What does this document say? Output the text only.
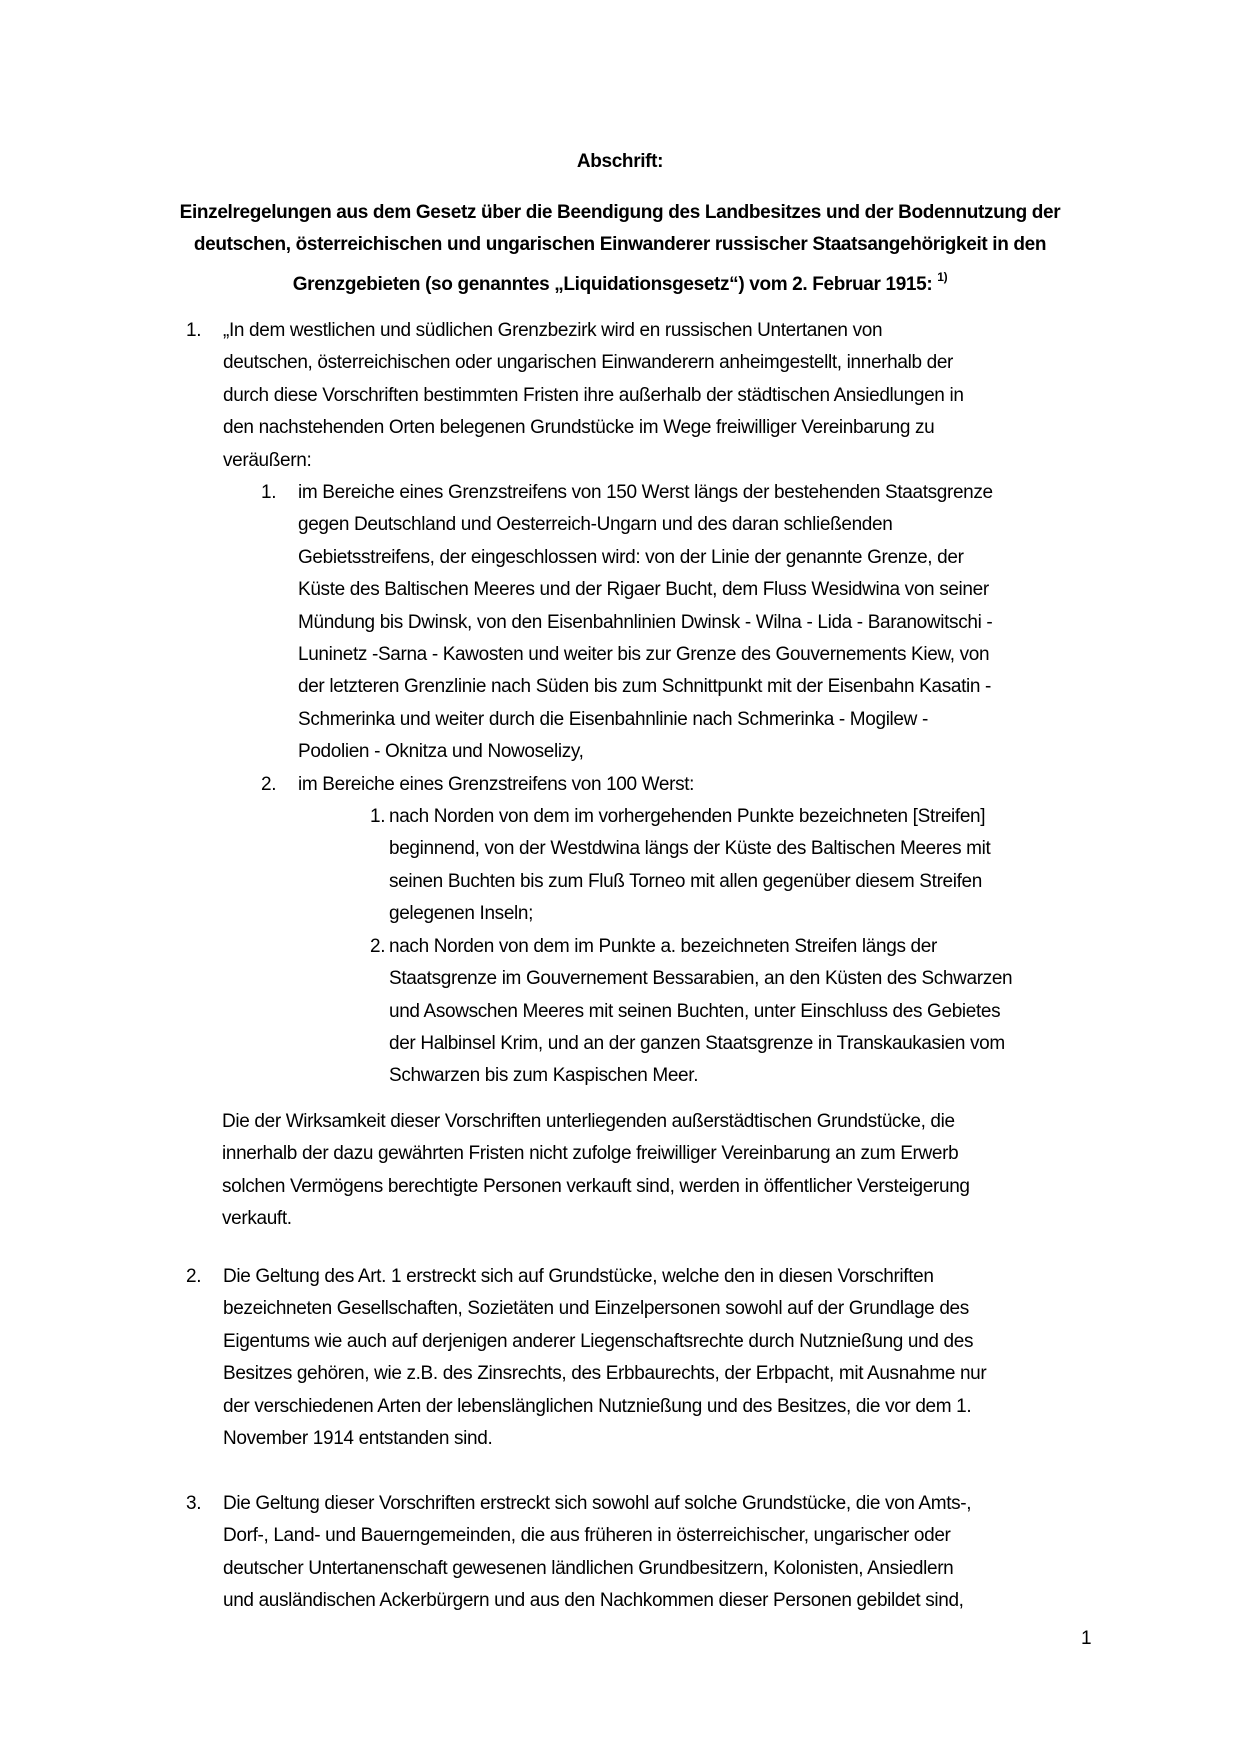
Abschrift:
Einzelregelungen aus dem Gesetz über die Beendigung des Landbesitzes und der Bodennutzung der
deutschen, österreichischen und ungarischen Einwanderer russischer Staatsangehörigkeit in den
Grenzgebieten (so genanntes „Liquidationsgesetz“) vom 2. Februar 1915: $^{1)}$
1. „In dem westlichen und südlichen Grenzbezirk wird en russischen Untertanen von
deutschen, österreichischen oder ungarischen Einwanderern anheimgestellt, innerhalb der
durch diese Vorschriften bestimmten Fristen ihre außerhalb der städtischen Ansiedlungen in
den nachstehenden Orten belegenen Grundstücke im Wege freiwilliger Vereinbarung zu
veräußern:
1. im Bereiche eines Grenzstreifens von 150 Werst längs der bestehenden Staatsgrenze
gegen Deutschland und Oesterreich-Ungarn und des daran schließenden
Gebietsstreifens, der eingeschlossen wird: von der Linie der genannte Grenze, der
Küste des Baltischen Meeres und der Rigaer Bucht, dem Fluss Wesidwina von seiner
Mündung bis Dwinsk, von den Eisenbahnlinien Dwinsk - Wilna - Lida - Baranowitschi -
Luninetz -Sarna - Kawosten und weiter bis zur Grenze des Gouvernements Kiew, von
der letzteren Grenzlinie nach Süden bis zum Schnittpunkt mit der Eisenbahn Kasatin -
Schmerinka und weiter durch die Eisenbahnlinie nach Schmerinka - Mogilew -
Podolien - Oknitza und Nowoselizy,
2. im Bereiche eines Grenzstreifens von 100 Werst:
1. nach Norden von dem im vorhergehenden Punkte bezeichneten [Streifen]
beginnend, von der Westdwina längs der Küste des Baltischen Meeres mit
seinen Buchten bis zum Fluß Torneo mit allen gegenüber diesem Streifen
gelegenen Inseln;
2. nach Norden von dem im Punkte a. bezeichneten Streifen längs der
Staatsgrenze im Gouvernement Bessarabien, an den Küsten des Schwarzen
und Asowschen Meeres mit seinen Buchten, unter Einschluss des Gebietes
der Halbinsel Krim, und an der ganzen Staatsgrenze in Transkaukasien vom
Schwarzen bis zum Kaspischen Meer.
Die der Wirksamkeit dieser Vorschriften unterliegenden außerstädtischen Grundstücke, die
innerhalb der dazu gewährten Fristen nicht zufolge freiwilliger Vereinbarung an zum Erwerb
solchen Vermögens berechtigte Personen verkauft sind, werden in öffentlicher Versteigerung
verkauft.
2. Die Geltung des Art. 1 erstreckt sich auf Grundstücke, welche den in diesen Vorschriften
bezeichneten Gesellschaften, Sozietäten und Einzelpersonen sowohl auf der Grundlage des
Eigentums wie auch auf derjenigen anderer Liegenschaftsrechte durch Nutznießung und des
Besitzes gehören, wie z.B. des Zinsrechts, des Erbbaurechts, der Erbpacht, mit Ausnahme nur
der verschiedenen Arten der lebenslänglichen Nutznießung und des Besitzes, die vor dem 1.
November 1914 entstanden sind.
3. Die Geltung dieser Vorschriften erstreckt sich sowohl auf solche Grundstücke, die von Amts-,
Dorf-, Land- und Bauerngemeinden, die aus früheren in österreichischer, ungarischer oder
deutscher Untertanenschaft gewesenen ländlichen Grundbesitzern, Kolonisten, Ansiedlern
und ausländischen Ackerbürgern und aus den Nachkommen dieser Personen gebildet sind,
1
